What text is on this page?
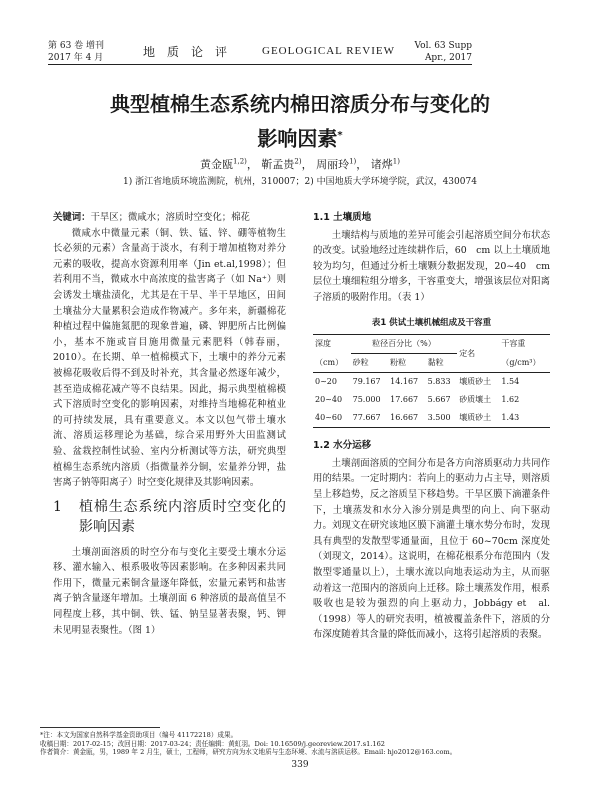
第 63 卷 增刊
2017 年 4 月	地质论评 GEOLOGICAL REVIEW Vol. 63 Supp
Apr., 2017
典型植棉生态系统内棉田溶质分布与变化的
影响因素*
黄金瓯$^{1,2)}$， 靳孟贵$^{2)}$， 周丽玲$^{1)}$， 诸烨$^{1)}$
1) 浙江省地质环境监测院，杭州，310007；2) 中国地质大学环境学院，武汉，430074

关键词：干旱区；微咸水；溶质时空变化；棉花

微咸水中微量元素（铜、铁、锰、锌、硼等植物生长必须的元素）含量高于淡水，有利于增加植物对养分元素的吸收，提高水资源利用率（Jin et.al,1998）；但若利用不当，微咸水中高浓度的盐害离子（如 Na⁺）则会诱发土壤盐渍化，尤其是在干旱、半干旱地区，田间土壤盐分大量累积会造成作物减产。多年来，新疆棉花种植过程中偏施氮肥的现象普遍，磷、钾肥所占比例偏小，基本不施或盲目施用微量元素肥料（韩春丽，2010）。在长期、单一植棉模式下，土壤中的养分元素被棉花吸收后得不到及时补充，其含量必然逐年减少，甚至造成棉花减产等不良结果。因此，揭示典型植棉模式下溶质时空变化的影响因素，对维持当地棉花种植业的可持续发展，具有重要意义。本文以包气带土壤水流、溶质运移理论为基础，综合采用野外大田监测试验、盆栽控制性试验、室内分析测试等方法，研究典型植棉生态系统内溶质（指微量养分铜，宏量养分钾，盐害离子钠等阳离子）时空变化规律及其影响因素。

1	植棉生态系统内溶质时空变化的影响因素

土壤剖面溶质的时空分布与变化主要受土壤水分运移、灌水输入、根系吸收等因素影响。在多种因素共同作用下，微量元素铜含量逐年降低，宏量元素钙和盐害离子钠含量逐年增加。土壤剖面 6 种溶质的最高值呈不同程度上移，其中铜、铁、锰、钠呈显著表聚，钙、钾未见明显表聚性。（图 1）

1.1 土壤质地

土壤结构与质地的差异可能会引起溶质空间分布状态的改变。试验地经过连续耕作后，60　cm 以上土壤质地较为均匀，但通过分析土壤颗分数据发现，20~40　cm 层位土壤细粒组分增多，干容重变大，增强该层位对阳离子溶质的吸附作用。（表 1）

表1 供试土壤机械组成及干容重
深度	粒径百分比（%）			定名	干容重
（cm）	砂粒	粉粒	黏粒		（g/cm³）
0~20	79.167	14.167	5.833	壤质砂土	1.54
20~40	75.000	17.667	5.667	砂质壤土	1.62
40~60	77.667	16.667	3.500	壤质砂土	1.43
1.2 水分运移

土壤剖面溶质的空间分布是各方向溶质驱动力共同作用的结果。一定时期内：若向上的驱动力占主导，则溶质呈上移趋势，反之溶质呈下移趋势。干旱区膜下滴灌条件下，土壤蒸发和水分入渗分别是典型的向上、向下驱动力。刘现文在研究该地区膜下滴灌土壤水势分布时，发现具有典型的发散型零通量面，且位于 60~70cm 深度处（刘现文，2014）。这说明，在棉花根系分布范围内（发散型零通量以上），土壤水流以向地表运动为主，从而驱动着这一范围内的溶质向上迁移。除土壤蒸发作用，根系吸收也是较为强烈的向上驱动力，Jobbágy et　al.（1998）等人的研究表明，植被覆盖条件下，溶质的分布深度随着其含量的降低而减小，这将引起溶质的表聚。

*注：本文为国家自然科学基金资助项目（编号 41172218）成果。
收稿日期：2017-02-15；改回日期：2017-03-24；责任编辑：黄虹羽。Doi: 10.16509/j.georeview.2017.s1.162
作者简介：黄金瓯，男，1989 年 2 月生，硕士，工程师，研究方向为水文地质与生态环境、水流与溶质运移。Email: hjo2012@163.com。
339
